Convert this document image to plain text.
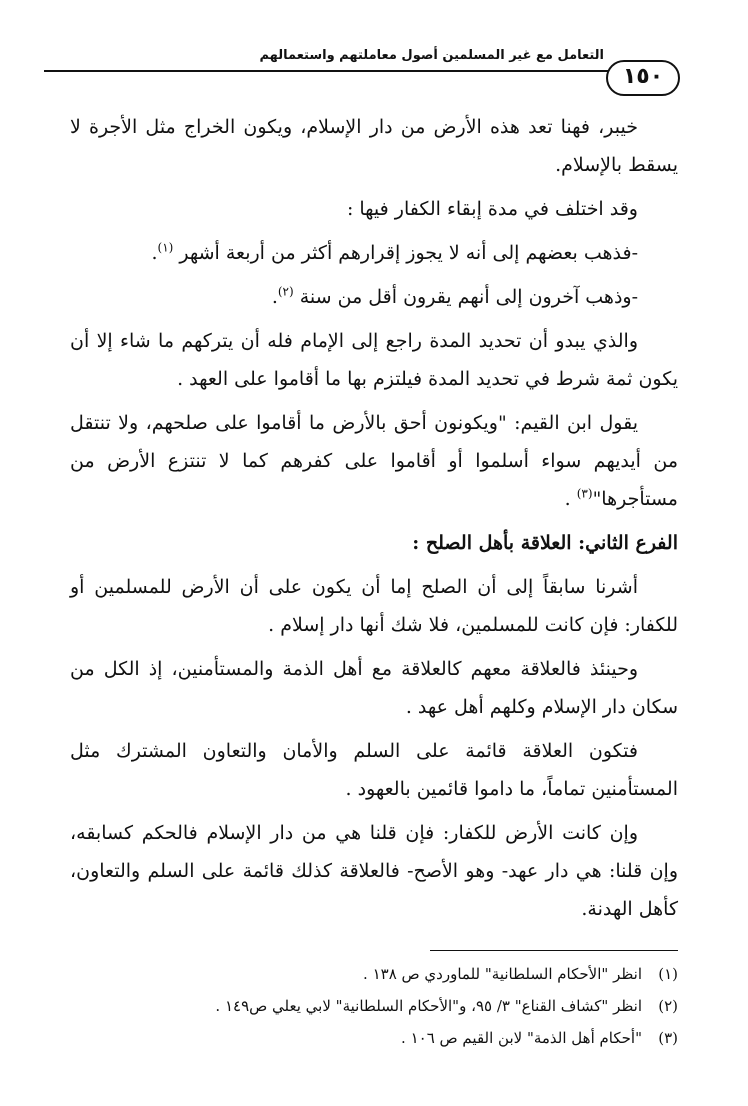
التعامل مع غير المسلمين أصول معاملتهم واستعمالهم
١٥٠

خيبر، فهنا تعد هذه الأرض من دار الإسلام، ويكون الخراج مثل الأجرة لا يسقط بالإسلام.

وقد اختلف في مدة إبقاء الكفار فيها :

-فذهب بعضهم إلى أنه لا يجوز إقرارهم أكثر من أربعة أشهر $^{(١)}$.

-وذهب آخرون إلى أنهم يقرون أقل من سنة $^{(٢)}$.

والذي يبدو أن تحديد المدة راجع إلى الإمام فله أن يتركهم ما شاء إلا أن يكون ثمة شرط في تحديد المدة فيلتزم بها ما أقاموا على العهد .

يقول ابن القيم: "ويكونون أحق بالأرض ما أقاموا على صلحهم، ولا تنتقل من أيديهم سواء أسلموا أو أقاموا على كفرهم كما لا تنتزع الأرض من مستأجرها"$^{(٣)}$ .

الفرع الثاني: العلاقة بأهل الصلح :

أشرنا سابقاً إلى أن الصلح إما أن يكون على أن الأرض للمسلمين أو للكفار: فإن كانت للمسلمين، فلا شك أنها دار إسلام .

وحينئذ فالعلاقة معهم كالعلاقة مع أهل الذمة والمستأمنين، إذ الكل من سكان دار الإسلام وكلهم أهل عهد .

فتكون العلاقة قائمة على السلم والأمان والتعاون المشترك مثل المستأمنين تماماً، ما داموا قائمين بالعهود .

وإن كانت الأرض للكفار: فإن قلنا هي من دار الإسلام فالحكم كسابقه، وإن قلنا: هي دار عهد- وهو الأصح- فالعلاقة كذلك قائمة على السلم والتعاون، كأهل الهدنة.

(١)انظر "الأحكام السلطانية" للماوردي ص ١٣٨ .

(٢)انظر "كشاف القناع" ٣/ ٩٥، و"الأحكام السلطانية" لابي يعلي ص١٤٩ .

(٣)"أحكام أهل الذمة" لابن القيم ص ١٠٦ .
